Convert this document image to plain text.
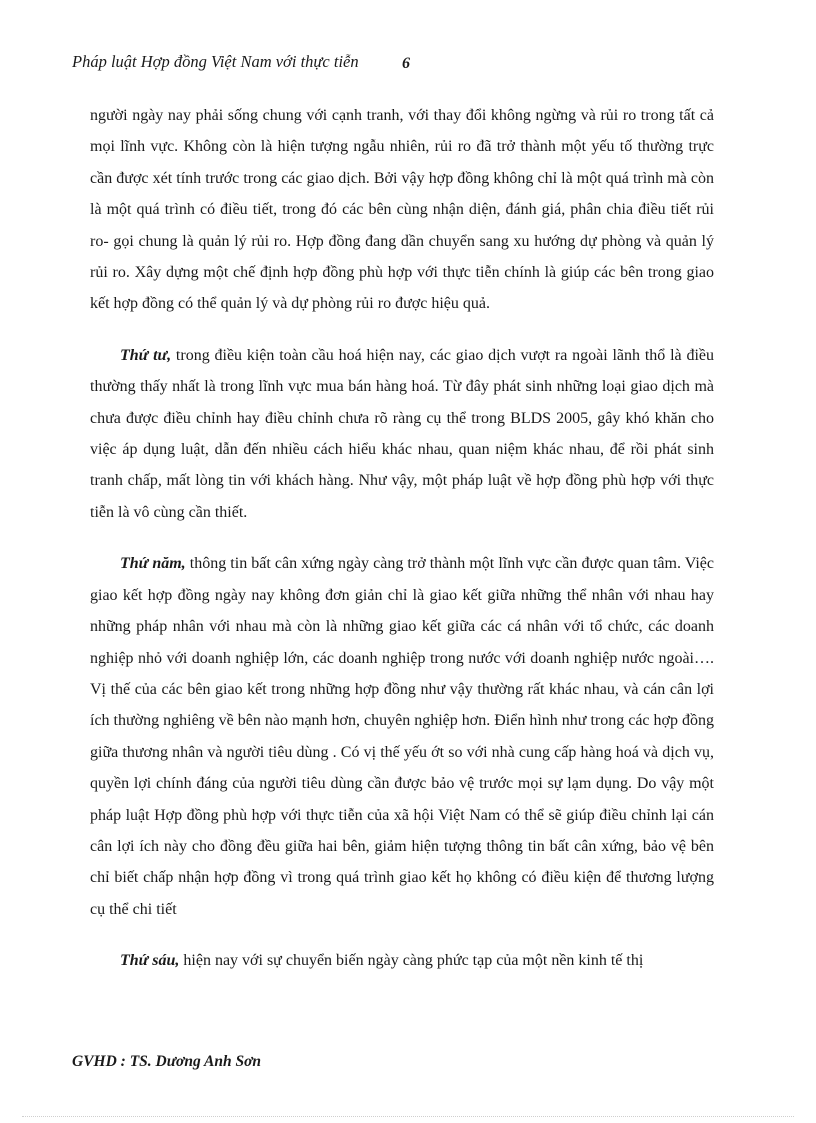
Pháp luật Hợp đồng Việt Nam với thực tiễn	6

người ngày nay phải sống chung với cạnh tranh, với thay đổi không ngừng và rủi ro trong tất cả mọi lĩnh vực. Không còn là hiện tượng ngẫu nhiên, rủi ro đã trở thành một yếu tố thường trực cần được xét tính trước trong các giao dịch. Bởi vậy hợp đồng không chỉ là một quá trình mà còn là một quá trình có điều tiết, trong đó các bên cùng nhận diện, đánh giá, phân chia điều tiết rủi ro- gọi chung là quản lý rủi ro. Hợp đồng đang dần chuyển sang xu hướng dự phòng và quản lý rủi ro. Xây dựng một chế định hợp đồng phù hợp với thực tiễn chính là giúp các bên trong giao kết hợp đồng có thể quản lý và dự phòng rủi ro được hiệu quả.

Thứ tư, trong điều kiện toàn cầu hoá hiện nay, các giao dịch vượt ra ngoài lãnh thổ là điều thường thấy nhất là trong lĩnh vực mua bán hàng hoá. Từ đây phát sinh những loại giao dịch mà chưa được điều chỉnh hay điều chỉnh chưa rõ ràng cụ thể trong BLDS 2005, gây khó khăn cho việc áp dụng luật, dẫn đến nhiều cách hiểu khác nhau, quan niệm khác nhau, để rồi phát sinh tranh chấp, mất lòng tin với khách hàng. Như vậy, một pháp luật về hợp đồng phù hợp với thực tiễn là vô cùng cần thiết.

Thứ năm, thông tin bất cân xứng ngày càng trở thành một lĩnh vực cần được quan tâm. Việc giao kết hợp đồng ngày nay không đơn giản chỉ là giao kết giữa những thể nhân với nhau hay những pháp nhân với nhau mà còn là những giao kết giữa các cá nhân với tổ chức, các doanh nghiệp nhỏ với doanh nghiệp lớn, các doanh nghiệp trong nước với doanh nghiệp nước ngoài…. Vị thế của các bên giao kết trong những hợp đồng như vậy thường rất khác nhau, và cán cân lợi ích thường nghiêng về bên nào mạnh hơn, chuyên nghiệp hơn. Điển hình như trong các hợp đồng giữa thương nhân và người tiêu dùng . Có vị thế yếu ớt so với nhà cung cấp hàng hoá và dịch vụ, quyền lợi chính đáng của người tiêu dùng cần được bảo vệ trước mọi sự lạm dụng. Do vậy một pháp luật Hợp đồng phù hợp với thực tiễn của xã hội Việt Nam có thể sẽ giúp điều chỉnh lại cán cân lợi ích này cho đồng đều giữa hai bên, giảm hiện tượng thông tin bất cân xứng, bảo vệ bên chỉ biết chấp nhận hợp đồng vì trong quá trình giao kết họ không có điều kiện để thương lượng cụ thể chi tiết

Thứ sáu, hiện nay với sự chuyển biến ngày càng phức tạp của một nền kinh tế thị

GVHD : TS. Dương Anh Sơn
